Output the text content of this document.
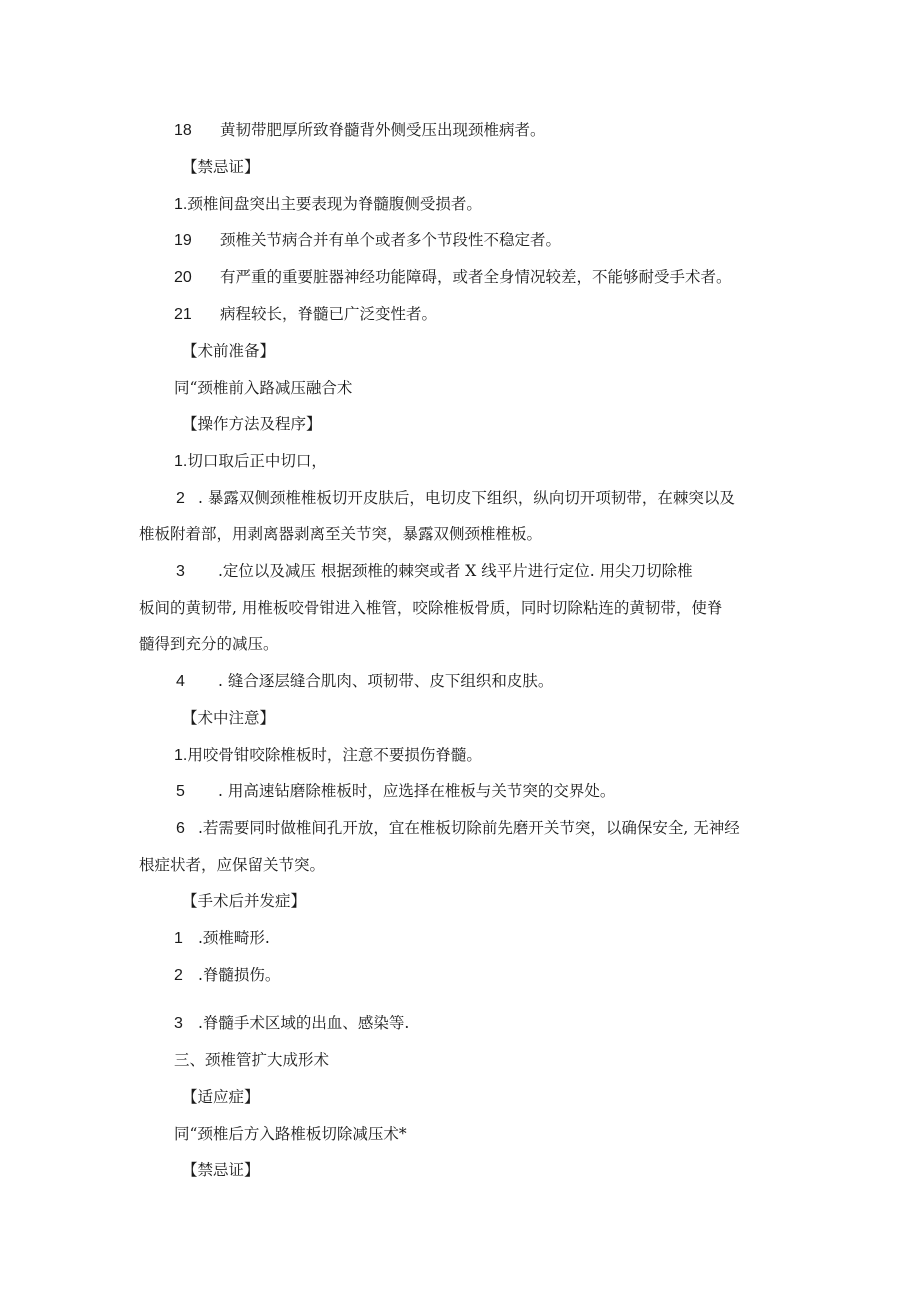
18 黄韧带肥厚所致脊髓背外侧受压出现颈椎病者。
【禁忌证】
1.颈椎间盘突出主要表现为脊髓腹侧受损者。
19 颈椎关节病合并有单个或者多个节段性不稳定者。
20 有严重的重要脏器神经功能障碍，或者全身情况较差，不能够耐受手术者。
21 病程较长，脊髓已广泛变性者。
【术前准备】
同“颈椎前入路减压融合术
【操作方法及程序】
1.切口取后正中切口，
2 . 暴露双侧颈椎椎板切开皮肤后，电切皮下组织，纵向切开项韧带，在棘突以及
椎板附着部，用剥离器剥离至关节突，暴露双侧颈椎椎板。
3 .定位以及减压 根据颈椎的棘突或者 X 线平片进行定位. 用尖刀切除椎
板间的黄韧带, 用椎板咬骨钳进入椎管，咬除椎板骨质，同时切除粘连的黄韧带，使脊
髓得到充分的减压。
4 . 缝合逐层缝合肌肉、项韧带、皮下组织和皮肤。
【术中注意】
1.用咬骨钳咬除椎板时，注意不要损伤脊髓。
5 . 用高速钻磨除椎板时，应选择在椎板与关节突的交界处。
6 .若需要同时做椎间孔开放，宜在椎板切除前先磨开关节突，以确保安全, 无神经
根症状者，应保留关节突。
【手术后并发症】
1 .颈椎畸形.
2 .脊髓损伤。
3 .脊髓手术区域的出血、感染等.
三、颈椎管扩大成形术
【适应症】
同“颈椎后方入路椎板切除减压术*
【禁忌证】
